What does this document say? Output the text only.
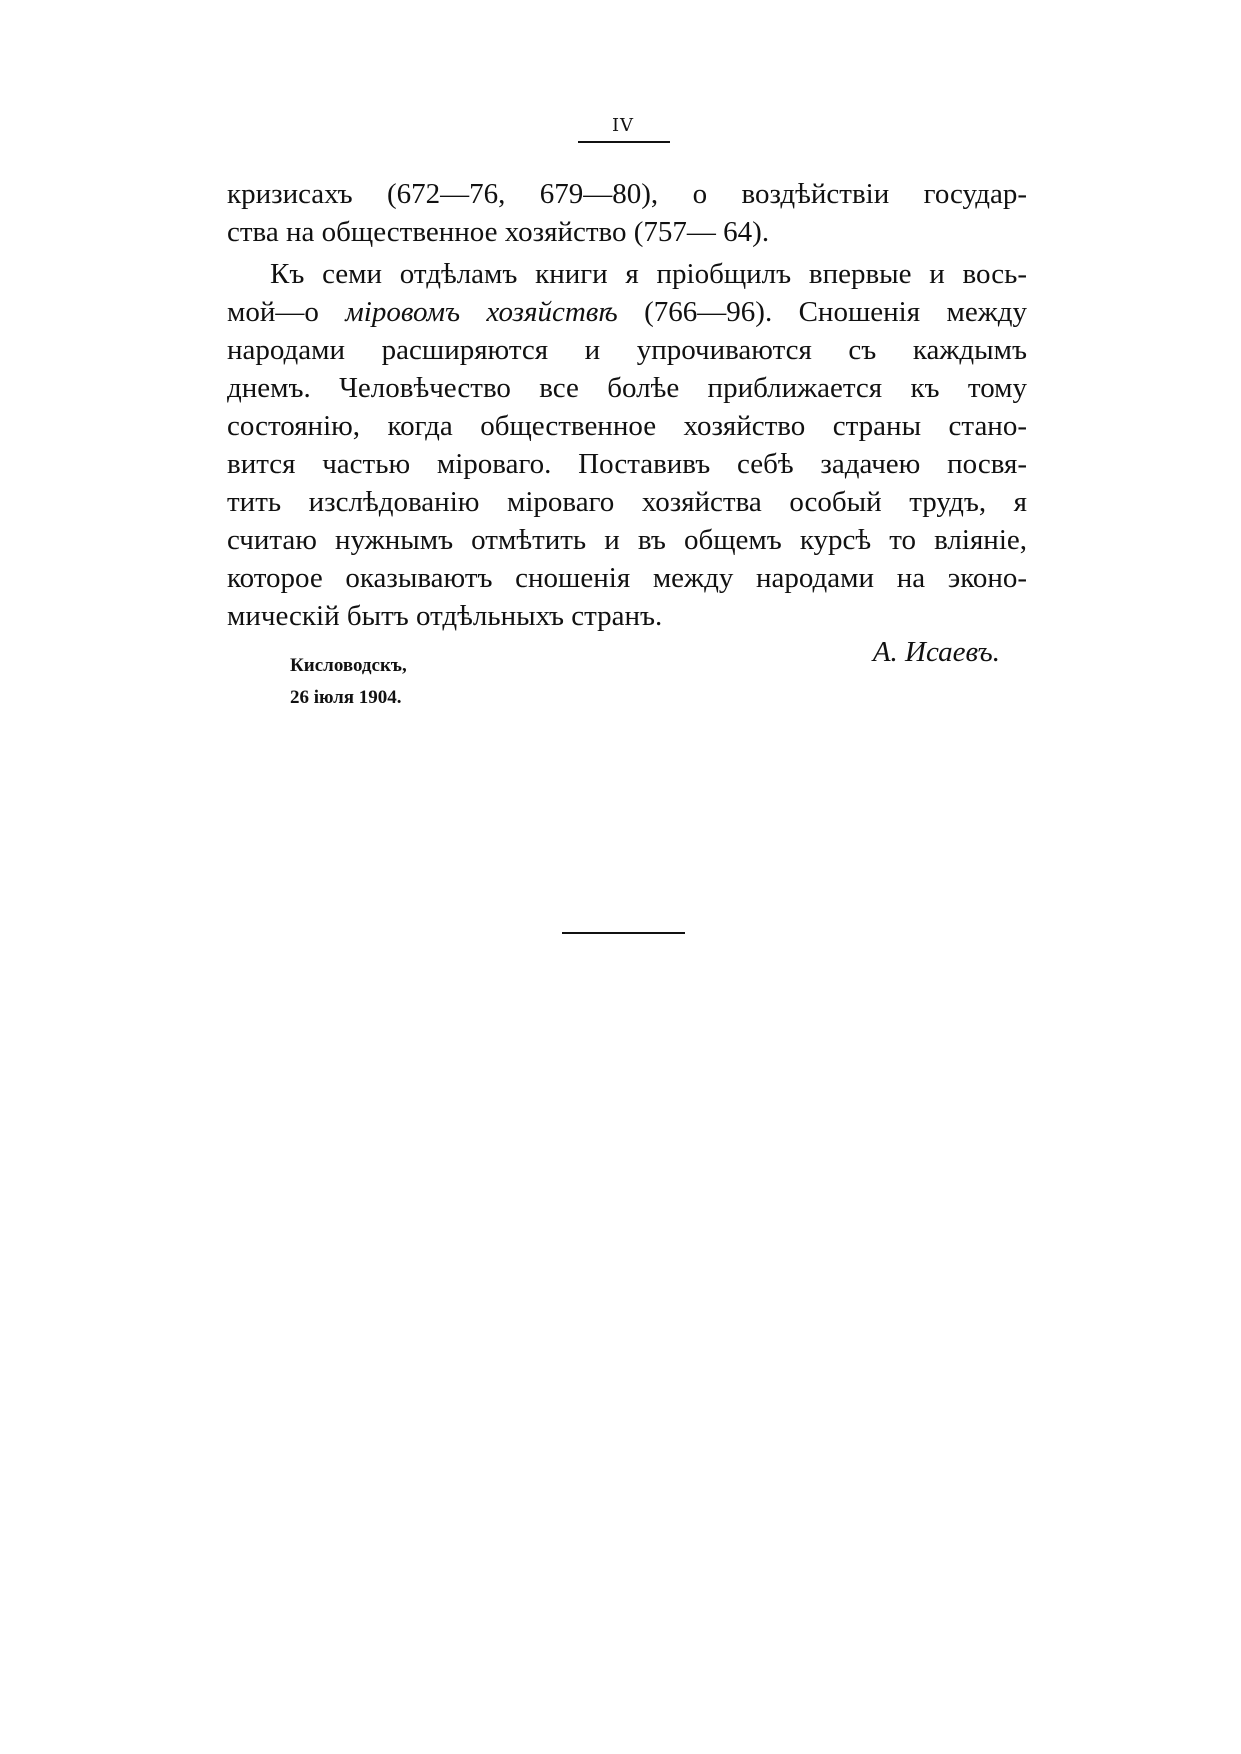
IV
кризисахъ (672—76, 679—80), о воздѣйствіи государ-
ства на общественное хозяйство (757— 64).
Къ семи отдѣламъ книги я пріобщилъ впервые и вось-
мой—о міровомъ хозяйствѣ (766—96). Сношенія между
народами расширяются и упрочиваются съ каждымъ
днемъ. Человѣчество все болѣе приближается къ тому
состоянію, когда общественное хозяйство страны стано-
вится частью міроваго. Поставивъ себѣ задачею посвя-
тить изслѣдованію міроваго хозяйства особый трудъ, я
считаю нужнымъ отмѣтить и въ общемъ курсѣ то вліяніе,
которое оказываютъ сношенія между народами на эконо-
мическій бытъ отдѣльныхъ странъ.
А. Исаевъ.
Кисловодскъ,
26 іюля 1904.
